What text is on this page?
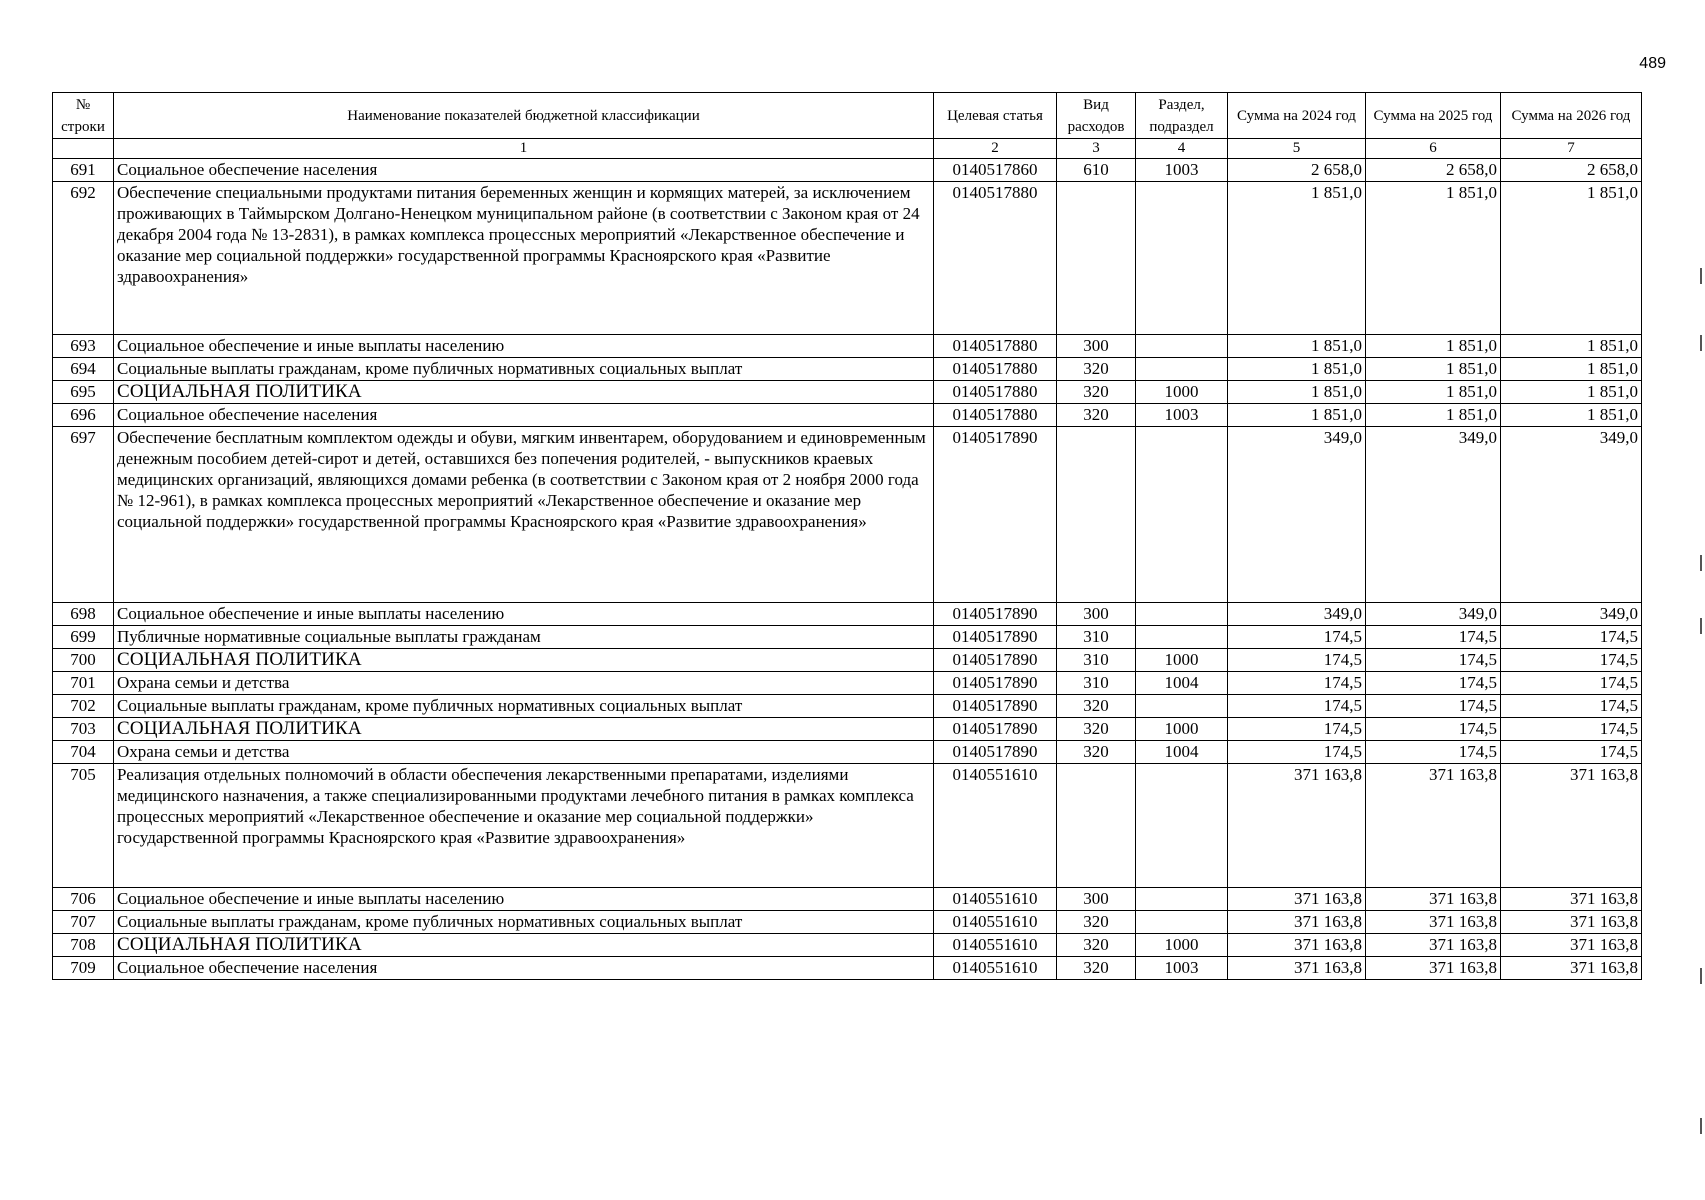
489
№ строки	Наименование показателей бюджетной классификации	Целевая статья	Вид расходов	Раздел, подраздел	Сумма на 2024 год	Сумма на 2025 год	Сумма на 2026 год
	1	2	3	4	5	6	7
691	Социальное обеспечение населения	0140517860	610	1003	2 658,0	2 658,0	2 658,0
692	Обеспечение специальными продуктами питания беременных женщин и кормящих матерей, за исключением проживающих в Таймырском Долгано-Ненецком муниципальном районе (в соответствии с Законом края от 24 декабря 2004 года № 13-2831), в рамках комплекса процессных мероприятий «Лекарственное обеспечение и оказание мер социальной поддержки» государственной программы Красноярского края «Развитие здравоохранения»	0140517880			1 851,0	1 851,0	1 851,0
693	Социальное обеспечение и иные выплаты населению	0140517880	300		1 851,0	1 851,0	1 851,0
694	Социальные выплаты гражданам, кроме публичных нормативных социальных выплат	0140517880	320		1 851,0	1 851,0	1 851,0
695	СОЦИАЛЬНАЯ ПОЛИТИКА	0140517880	320	1000	1 851,0	1 851,0	1 851,0
696	Социальное обеспечение населения	0140517880	320	1003	1 851,0	1 851,0	1 851,0
697	Обеспечение бесплатным комплектом одежды и обуви, мягким инвентарем, оборудованием и единовременным денежным пособием детей-сирот и детей, оставшихся без попечения родителей, - выпускников краевых медицинских организаций, являющихся домами ребенка (в соответствии с Законом края от 2 ноября 2000 года № 12-961), в рамках комплекса процессных мероприятий «Лекарственное обеспечение и оказание мер социальной поддержки» государственной программы Красноярского края «Развитие здравоохранения»	0140517890			349,0	349,0	349,0
698	Социальное обеспечение и иные выплаты населению	0140517890	300		349,0	349,0	349,0
699	Публичные нормативные социальные выплаты гражданам	0140517890	310		174,5	174,5	174,5
700	СОЦИАЛЬНАЯ ПОЛИТИКА	0140517890	310	1000	174,5	174,5	174,5
701	Охрана семьи и детства	0140517890	310	1004	174,5	174,5	174,5
702	Социальные выплаты гражданам, кроме публичных нормативных социальных выплат	0140517890	320		174,5	174,5	174,5
703	СОЦИАЛЬНАЯ ПОЛИТИКА	0140517890	320	1000	174,5	174,5	174,5
704	Охрана семьи и детства	0140517890	320	1004	174,5	174,5	174,5
705	Реализация отдельных полномочий в области обеспечения лекарственными препаратами, изделиями медицинского назначения, а также специализированными продуктами лечебного питания в рамках комплекса процессных мероприятий «Лекарственное обеспечение и оказание мер социальной поддержки» государственной программы Красноярского края «Развитие здравоохранения»	0140551610			371 163,8	371 163,8	371 163,8
706	Социальное обеспечение и иные выплаты населению	0140551610	300		371 163,8	371 163,8	371 163,8
707	Социальные выплаты гражданам, кроме публичных нормативных социальных выплат	0140551610	320		371 163,8	371 163,8	371 163,8
708	СОЦИАЛЬНАЯ ПОЛИТИКА	0140551610	320	1000	371 163,8	371 163,8	371 163,8
709	Социальное обеспечение населения	0140551610	320	1003	371 163,8	371 163,8	371 163,8
